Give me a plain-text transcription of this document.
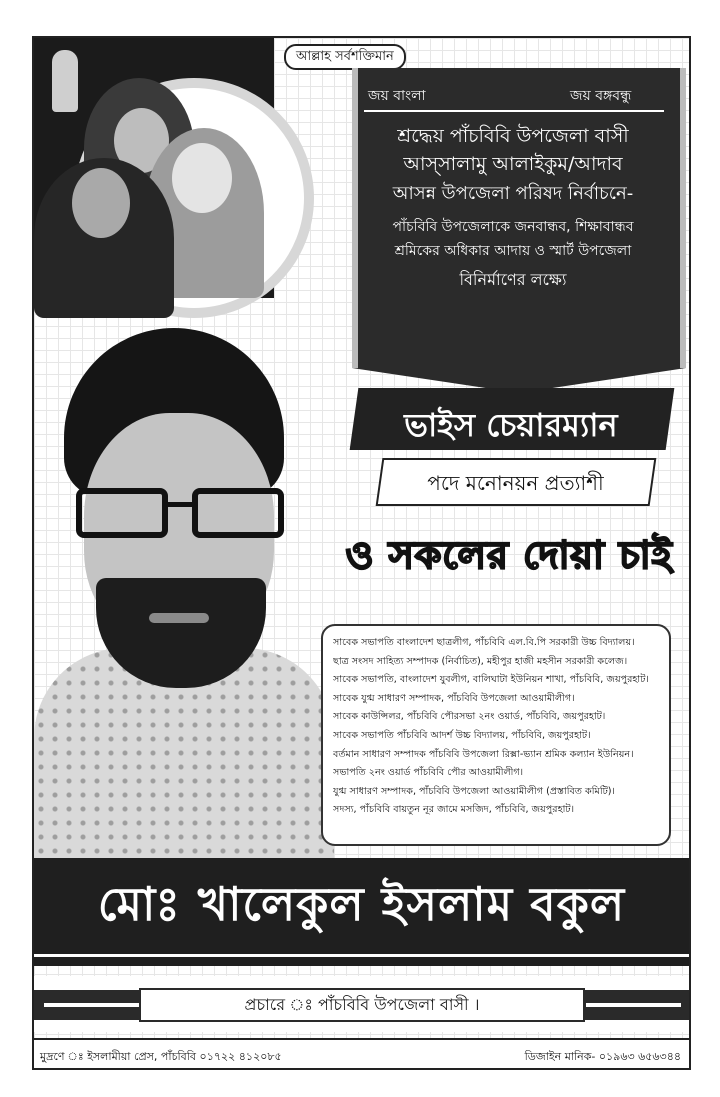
আল্লাহ সর্বশক্তিমান
জয় বাংলা	জয় বঙ্গবন্ধু
শ্রদ্ধেয় পাঁচবিবি উপজেলা বাসী
আস্সালামু আলাইকুম/আদাব
আসন্ন উপজেলা পরিষদ নির্বাচনে-
পাঁচবিবি উপজেলাকে জনবান্ধব, শিক্ষাবান্ধব
শ্রমিকের অধিকার আদায় ও স্মার্ট উপজেলা
বিনির্মাণের লক্ষ্যে
ভাইস চেয়ারম্যান
পদে মনোনয়ন প্রত্যাশী
ও সকলের দোয়া চাই
সাবেক সভাপতি বাংলাদেশ ছাত্রলীগ, পাঁচবিবি এল.বি.পি সরকারী উচ্চ বিদ্যালয়।
ছাত্র সংসদ সাহিত্য সম্পাদক (নির্বাচিত), মহীপুর হাজী মহসীন সরকারী কলেজ।
সাবেক সভাপতি, বাংলাদেশ যুবলীগ, বালিঘাটা ইউনিয়ন শাখা, পাঁচবিবি, জয়পুরহাট।
সাবেক যুগ্ম সাধারণ সম্পাদক, পাঁচবিবি উপজেলা আওয়ামীলীগ।
সাবেক কাউন্সিলর, পাঁচবিবি পৌরসভা ২নং ওয়ার্ড, পাঁচবিবি, জয়পুরহাট।
সাবেক সভাপতি পাঁচবিবি আদর্শ উচ্চ বিদ্যালয়, পাঁচবিবি, জয়পুরহাট।
বর্তমান সাধারণ সম্পাদক পাঁচবিবি উপজেলা রিক্সা-ভ্যান শ্রমিক কল্যান ইউনিয়ন।
সভাপতি ২নং ওয়ার্ড পাঁচবিবি পৌর আওয়ামীলীগ।
যুগ্ম সাধারণ সম্পাদক, পাঁচবিবি উপজেলা আওয়ামীলীগ (প্রস্তাবিত কমিটি)।
সদস্য, পাঁচবিবি বায়তুন নূর জামে মসজিদ, পাঁচবিবি, জয়পুরহাট।
মোঃ খালেকুল ইসলাম বকুল
প্রচারে ঃ পাঁচবিবি উপজেলা বাসী ।
মুদ্রণে ঃ ইসলামীয়া প্রেস, পাঁচবিবি ০১৭২২ ৪১২০৮৫	ডিজাইন মানিক- ০১৯৬৩ ৬৫৬৩৪৪
